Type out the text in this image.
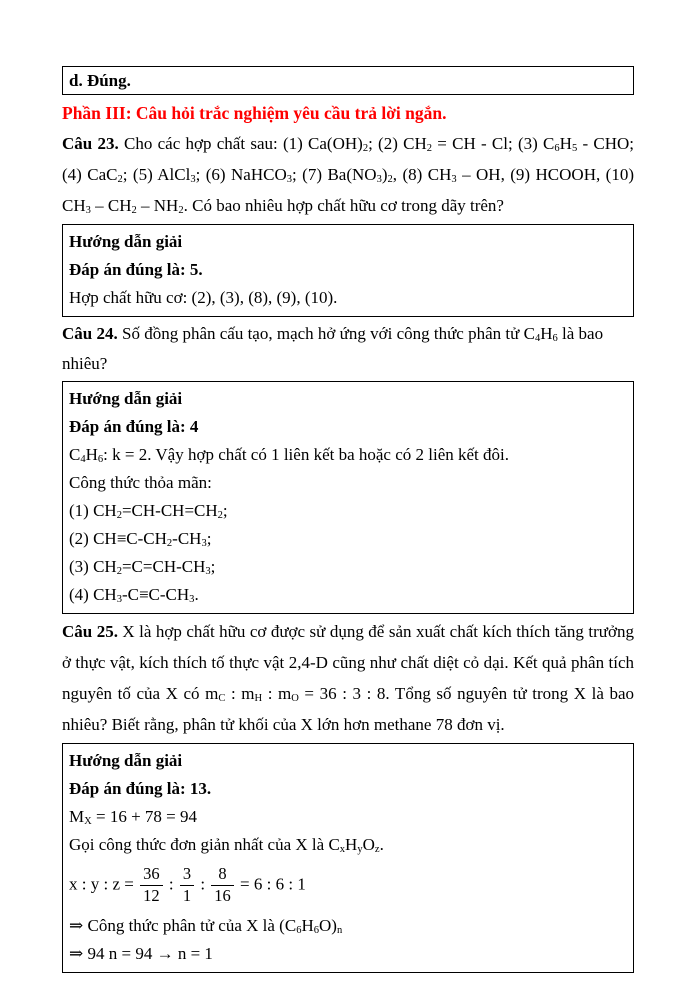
d. Đúng.
Phần III: Câu hỏi trắc nghiệm yêu cầu trả lời ngắn.
Câu 23. Cho các hợp chất sau: (1) $Ca(OH)_2$; (2) $CH_2$ = CH - Cl; (3) $C_6H_5$ - CHO; (4) CaC$_2$; (5) AlCl$_3$; (6) NaHCO$_3$; (7) $Ba(NO_3)_2$, (8) $CH_3$ – OH, (9) HCOOH, (10) $CH_3 - CH_2 - NH_2$. Có bao nhiêu hợp chất hữu cơ trong dãy trên?
Hướng dẫn giải
Đáp án đúng là: 5.
Hợp chất hữu cơ: (2), (3), (8), (9), (10).
Câu 24. Số đồng phân cấu tạo, mạch hở ứng với công thức phân tử $C_4H_6$ là bao nhiêu?
Hướng dẫn giải
Đáp án đúng là: 4
$C_4H_6$: k = 2. Vậy hợp chất có 1 liên kết ba hoặc có 2 liên kết đôi.
Công thức thỏa mãn:
(1) $CH_2=CH-CH=CH_2$;
(2) $CH\equiv C-CH_2-CH_3$;
(3) $CH_2=C=CH-CH_3$;
(4) $CH_3-C\equiv C-CH_3$.
Câu 25. X là hợp chất hữu cơ được sử dụng để sản xuất chất kích thích tăng trưởng ở thực vật, kích thích tố thực vật 2,4-D cũng như chất diệt cỏ dại. Kết quả phân tích nguyên tố của X có $m_C$ : $m_H$ : $m_O = 36$ : 3 : 8. Tổng số nguyên tử trong X là bao nhiêu? Biết rằng, phân tử khối của X lớn hơn methane 78 đơn vị.
Hướng dẫn giải
Đáp án đúng là: 13.
$M_X = 16 + 78 = 94$
Gọi công thức đơn giản nhất của X là $C_xH_yO_z$.
x : y : $z = \frac{36}{12}$ : $\frac{3}{1}$ : $\frac{8}{16} = 6$ : 6 : 1
⇒ Công thức phân tử của X là $(C_6H_6O)_n$
⇒ 94 n = 94 → n = 1
